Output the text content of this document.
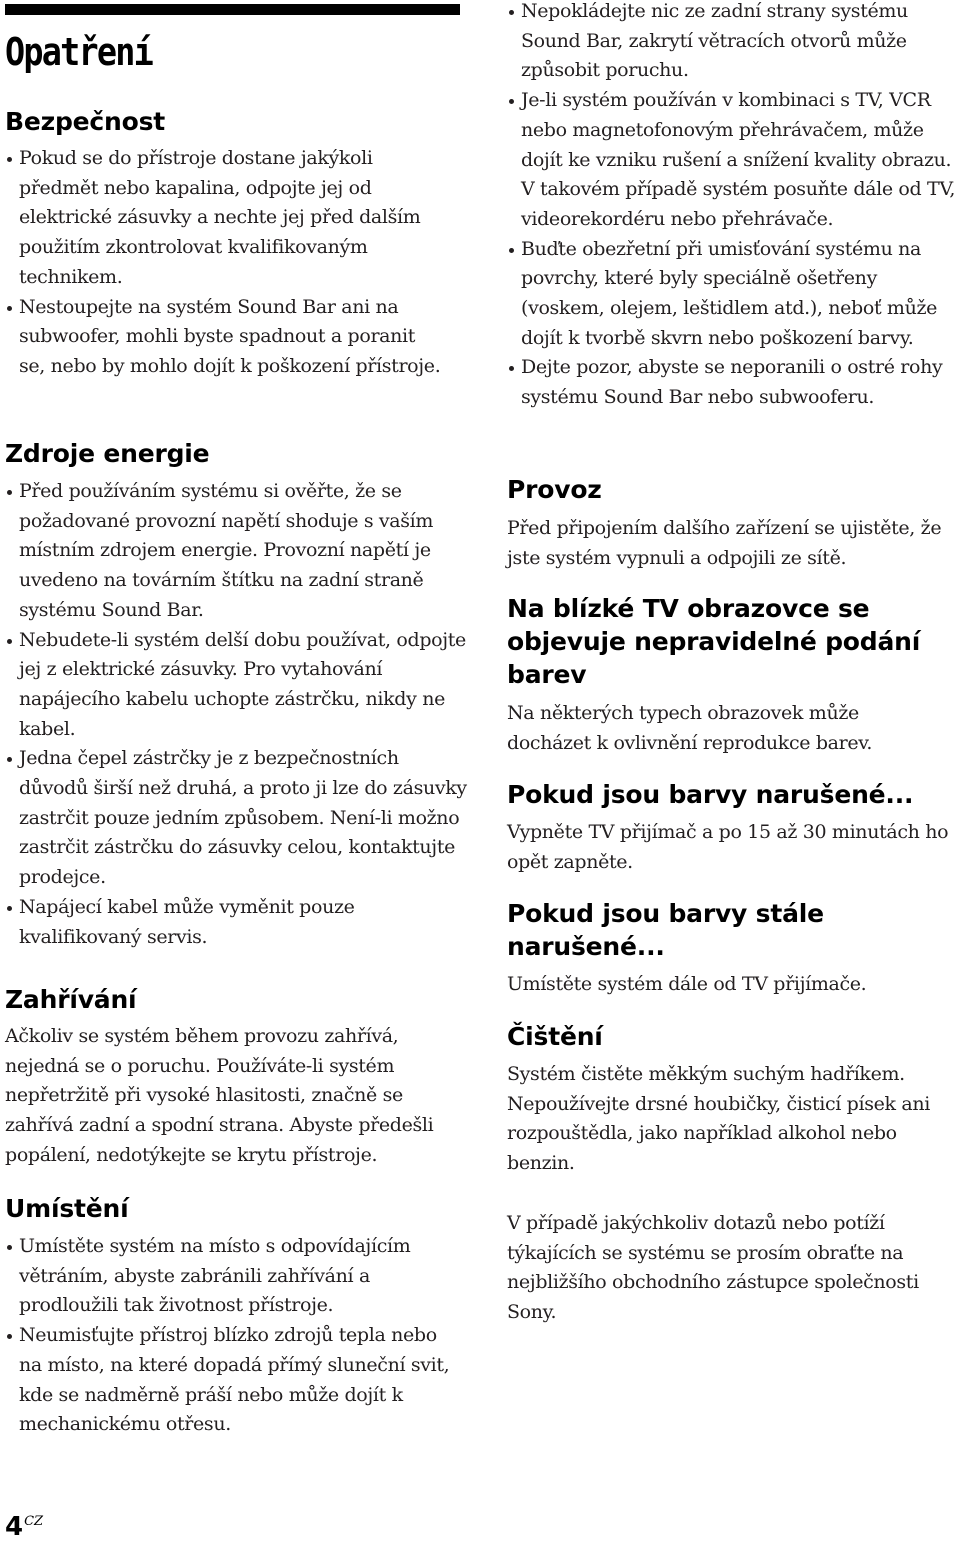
Opatření
Bezpečnost
Pokud se do přístroje dostane jakýkoli předmět nebo kapalina, odpojte jej od elektrické zásuvky a nechte jej před dalším použitím zkontrolovat kvalifikovaným technikem.
Nestoupejte na systém Sound Bar ani na subwoofer, mohli byste spadnout a poranit se, nebo by mohlo dojít k poškození přístroje.
Zdroje energie
Před používáním systému si ověřte, že se požadované provozní napětí shoduje s vaším místním zdrojem energie. Provozní napětí je uvedeno na továrním štítku na zadní straně systému Sound Bar.
Nebudete-li systém delší dobu používat, odpojte jej z elektrické zásuvky. Pro vytahování napájecího kabelu uchopte zástrčku, nikdy ne kabel.
Jedna čepel zástrčky je z bezpečnostních důvodů širší než druhá, a proto ji lze do zásuvky zastrčit pouze jedním způsobem. Není-li možno zastrčit zástrčku do zásuvky celou, kontaktujte prodejce.
Napájecí kabel může vyměnit pouze kvalifikovaný servis.
Zahřívání

Ačkoliv se systém během provozu zahřívá, nejedná se o poruchu. Používáte-li systém nepřetržitě při vysoké hlasitosti, značně se zahřívá zadní a spodní strana. Abyste předešli popálení, nedotýkejte se krytu přístroje.

Umístění
Umístěte systém na místo s odpovídajícím větráním, abyste zabránili zahřívání a prodloužili tak životnost přístroje.
Neumisťujte přístroj blízko zdrojů tepla nebo na místo, na které dopadá přímý sluneční svit, kde se nadměrně práší nebo může dojít k mechanickému otřesu.
Nepokládejte nic ze zadní strany systému Sound Bar, zakrytí větracích otvorů může způsobit poruchu.
Je-li systém používán v kombinaci s TV, VCR nebo magnetofonovým přehrávačem, může dojít ke vzniku rušení a snížení kvality obrazu. V takovém případě systém posuňte dále od TV, videorekordéru nebo přehrávače.
Buďte obezřetní při umisťování systému na povrchy, které byly speciálně ošetřeny (voskem, olejem, leštidlem atd.), neboť může dojít k tvorbě skvrn nebo poškození barvy.
Dejte pozor, abyste se neporanili o ostré rohy systému Sound Bar nebo subwooferu.
Provoz

Před připojením dalšího zařízení se ujistěte, že jste systém vypnuli a odpojili ze sítě.

Na blízké TV obrazovce se objevuje nepravidelné podání barev

Na některých typech obrazovek může docházet k ovlivnění reprodukce barev.

Pokud jsou barvy narušené...

Vypněte TV přijímač a po 15 až 30 minutách ho opět zapněte.

Pokud jsou barvy stále narušené...

Umístěte systém dále od TV přijímače.

Čištění

Systém čistěte měkkým suchým hadříkem. Nepoužívejte drsné houbičky, čisticí písek ani rozpouštědla, jako například alkohol nebo benzin.

V případě jakýchkoliv dotazů nebo potíží týkajících se systému se prosím obraťte na nejbližšího obchodního zástupce společnosti Sony.

$4^{CZ}$
